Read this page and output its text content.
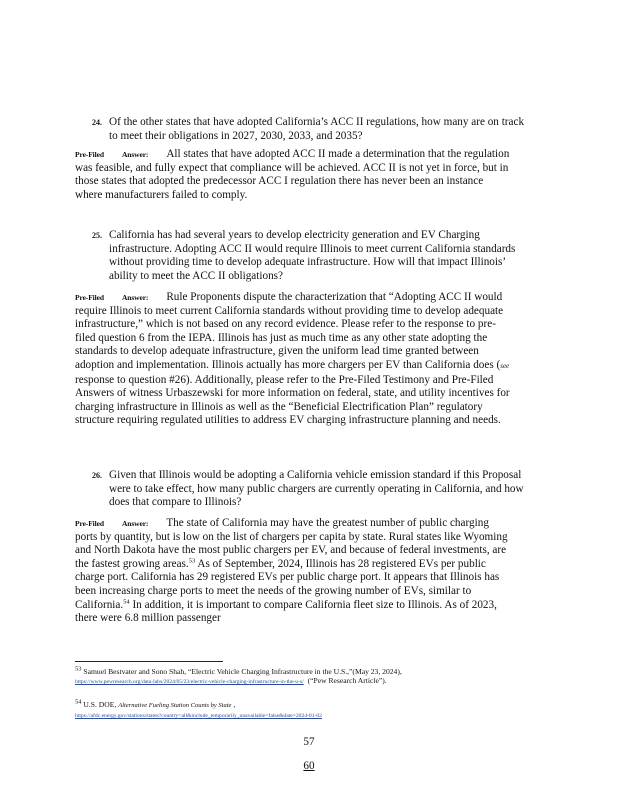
24. Of the other states that have adopted California’s ACC II regulations, how many are on track to meet their obligations in 2027, 2030, 2033, and 2035?
Pre-Filed Answer: All states that have adopted ACC II made a determination that the regulation was feasible, and fully expect that compliance will be achieved. ACC II is not yet in force, but in those states that adopted the predecessor ACC I regulation there has never been an instance where manufacturers failed to comply.
25. California has had several years to develop electricity generation and EV Charging infrastructure. Adopting ACC II would require Illinois to meet current California standards without providing time to develop adequate infrastructure. How will that impact Illinois’ ability to meet the ACC II obligations?
Pre-Filed Answer: Rule Proponents dispute the characterization that “Adopting ACC II would require Illinois to meet current California standards without providing time to develop adequate infrastructure,” which is not based on any record evidence. Please refer to the response to pre-filed question 6 from the IEPA. Illinois has just as much time as any other state adopting the standards to develop adequate infrastructure, given the uniform lead time granted between adoption and implementation. Illinois actually has more chargers per EV than California does (see response to question #26). Additionally, please refer to the Pre-Filed Testimony and Pre-Filed Answers of witness Urbaszewski for more information on federal, state, and utility incentives for charging infrastructure in Illinois as well as the “Beneficial Electrification Plan” regulatory structure requiring regulated utilities to address EV charging infrastructure planning and needs.
26. Given that Illinois would be adopting a California vehicle emission standard if this Proposal were to take effect, how many public chargers are currently operating in California, and how does that compare to Illinois?
Pre-Filed Answer: The state of California may have the greatest number of public charging ports by quantity, but is low on the list of chargers per capita by state. Rural states like Wyoming and North Dakota have the most public chargers per EV, and because of federal investments, are the fastest growing areas.$^{53}$ As of September, 2024, Illinois has 28 registered EVs per public charge port. California has 29 registered EVs per public charge port. It appears that Illinois has been increasing charge ports to meet the needs of the growing number of EVs, similar to California.$^{54}$ In addition, it is important to compare California fleet size to Illinois. As of 2023, there were 6.8 million passenger
$^{53}$ Samuel Bestvater and Sono Shah, “Electric Vehicle Charging Infrastructure in the U.S.,”(May 23, 2024),
https://www.pewresearch.org/data-labs/2024/05/23/electric-vehicle-charging-infrastructure-in-the-u-s/ (“Pew Research Article”).
$^{54}$ U.S. DOE, Alternative Fueling Station Counts by State ,
https://afdc.energy.gov/stations/states?country=all&include_temporarily_unavailable=false&date=2024-01-02
57
60
